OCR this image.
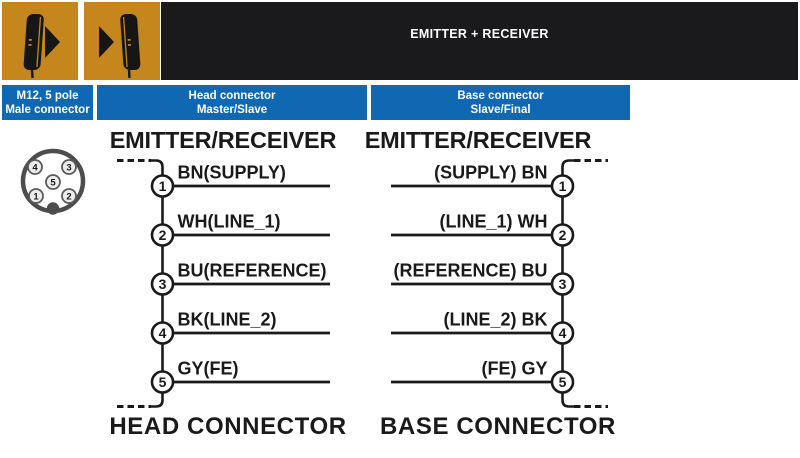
EMITTER + RECEIVER
M12, 5 pole
Male connector
Head connector
Master/Slave
Base connector
Slave/Final
4	3
5
1	2
EMITTER/RECEIVER
1
BN(SUPPLY)
2
WH(LINE_1)
3
BU(REFERENCE)
4
BK(LINE_2)
5
GY(FE)
HEAD CONNECTOR
EMITTER/RECEIVER
1
(SUPPLY) BN
2
(LINE_1) WH
3
(REFERENCE) BU
4
(LINE_2) BK
5
(FE) GY
BASE CONNECTOR
